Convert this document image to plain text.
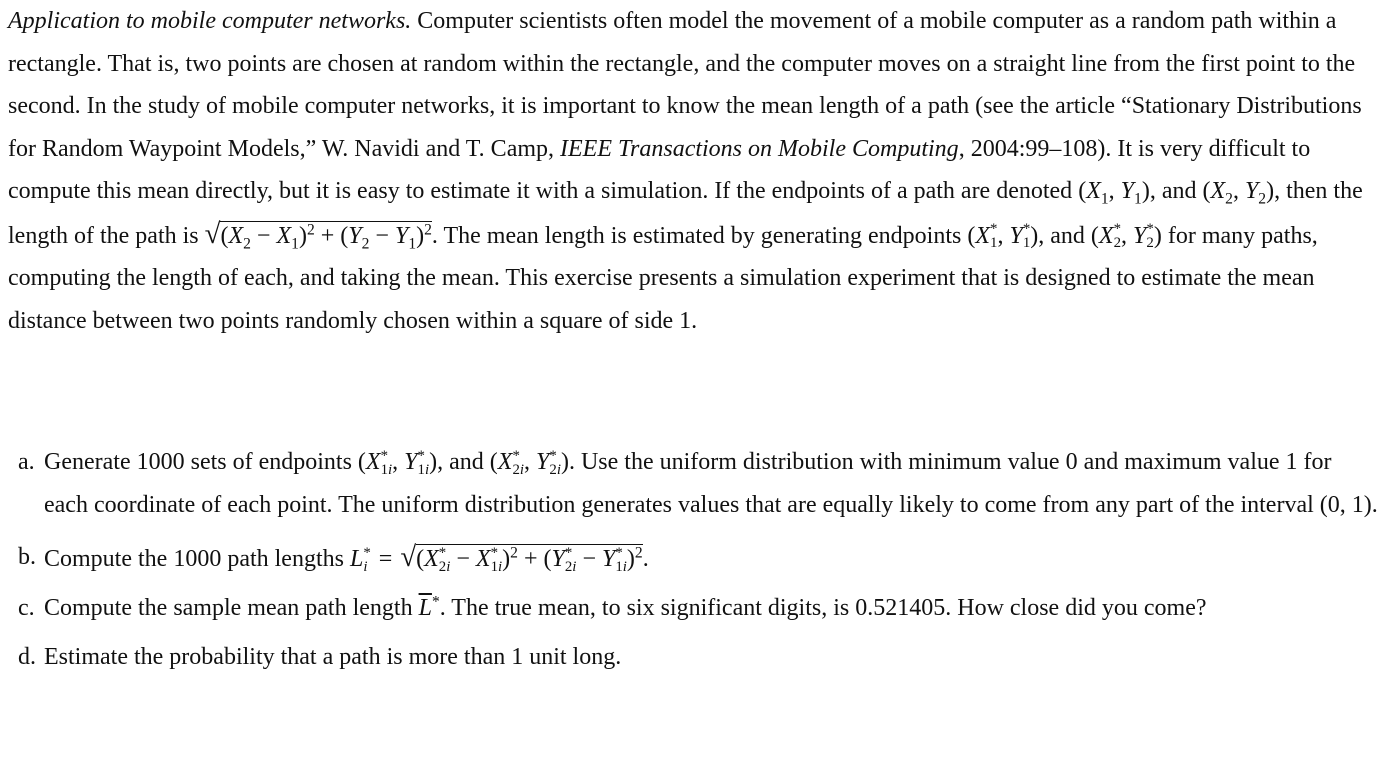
Application to mobile computer networks. Computer scientists often model the movement of a mobile computer as a random path within a rectangle. That is, two points are chosen at random within the rectangle, and the computer moves on a straight line from the first point to the second. In the study of mobile computer networks, it is important to know the mean length of a path (see the article “Stationary Distributions for Random Waypoint Models,” W. Navidi and T. Camp, IEEE Transactions on Mobile Computing, 2004:99–108). It is very difficult to compute this mean directly, but it is easy to estimate it with a simulation. If the endpoints of a path are denoted ($X_1$, $Y_1$), and ($X_2$, $Y_2$), then the length of the path is $√(X_2 - X_1)^2 + (Y_2 - Y_1)^2$. The mean length is estimated by generating endpoints (X *
1 , Y *
1 ), and (X *
2 , Y *
2 ) for many paths, computing the length of each, and taking the mean. This exercise presents a simulation experiment that is designed to estimate the mean distance between two points randomly chosen within a square of side 1.

a. Generate 1000 sets of endpoints (X *
1i , Y *
1i ), and (X *
2i , Y *
2i ). Use the uniform distribution with minimum value 0 and maximum value 1 for each coordinate of each point. The uniform distribution generates values that are equally likely to come from any part of the interval (0, 1).

b. Compute the 1000 path lengths L *
i = √(X *
2i − X *
1i )$^2$ + (Y *
2i − Y *
1i )$^2$.

c. Compute the sample mean path length $\overline{L}^*$. The true mean, to six significant digits, is 0.521405. How close did you come?

d. Estimate the probability that a path is more than 1 unit long.
